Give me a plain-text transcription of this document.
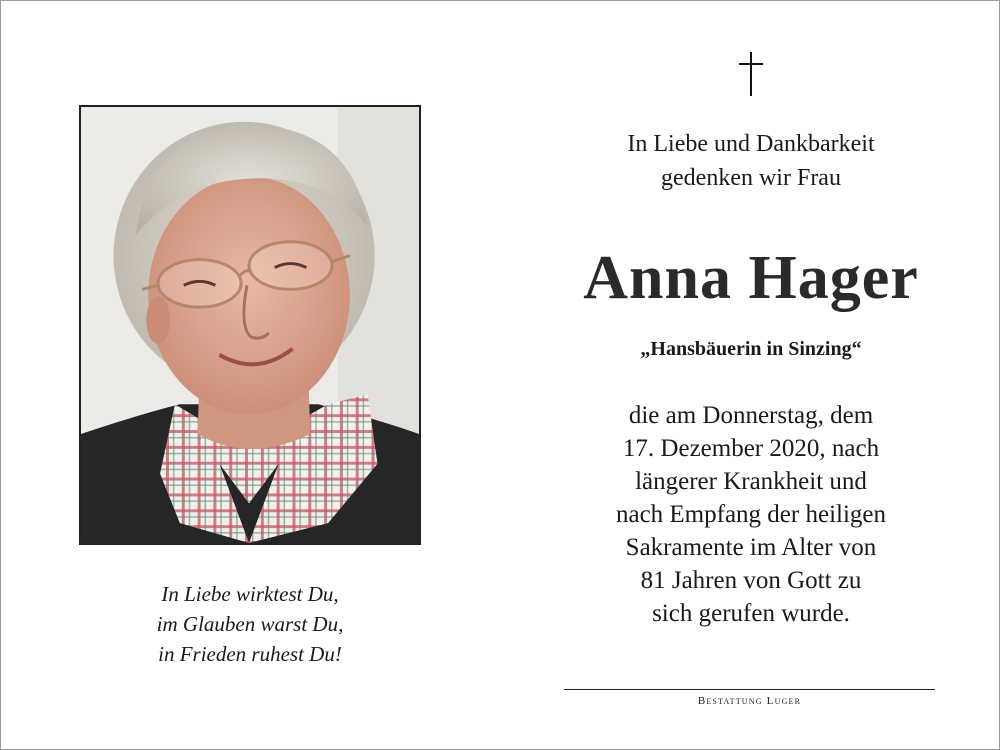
In Liebe wirktest Du,
im Glauben warst Du,
in Frieden ruhest Du!
In Liebe und Dankbarkeit
gedenken wir Frau
Anna Hager
„Hansbäuerin in Sinzing“
die am Donnerstag, dem
17. Dezember 2020, nach
längerer Krankheit und
nach Empfang der heiligen
Sakramente im Alter von
81 Jahren von Gott zu
sich gerufen wurde.
Bestattung Luger
